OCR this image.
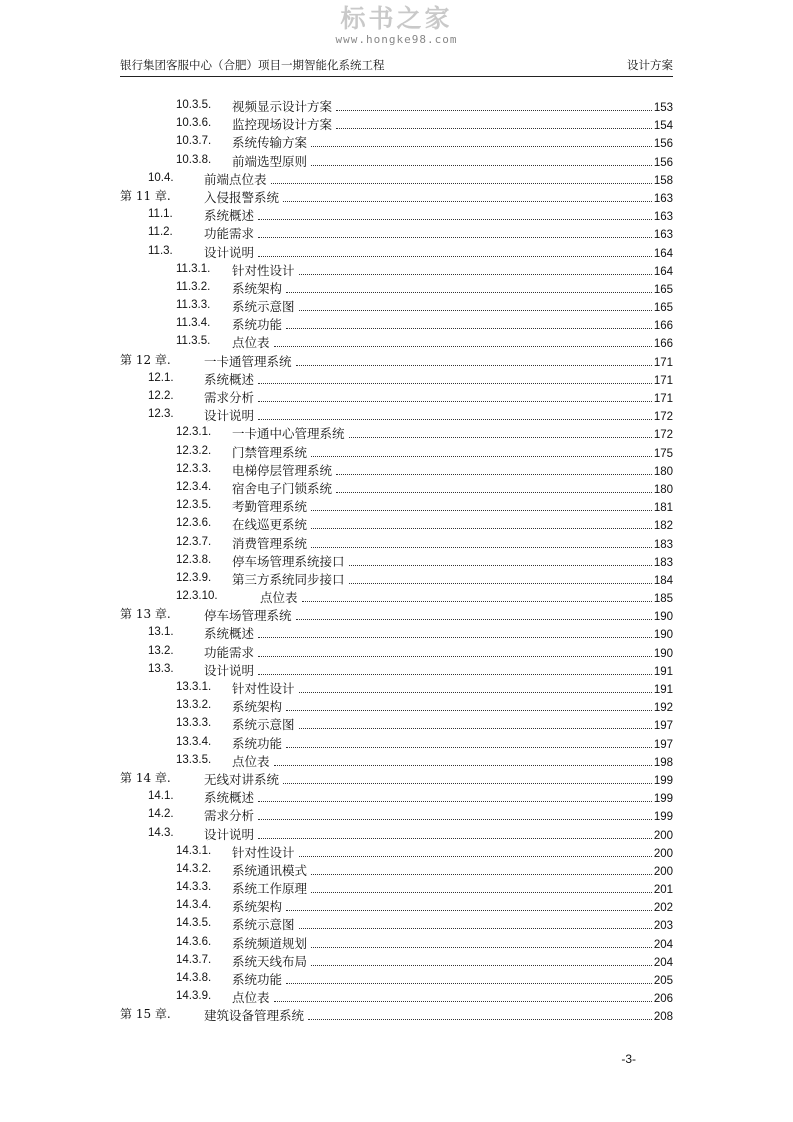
标书之家
www.hongke98.com
银行集团客服中心（合肥）项目一期智能化系统工程	设计方案
10.3.5. 视频显示设计方案	153
10.3.6. 监控现场设计方案	154
10.3.7. 系统传输方案	156
10.3.8. 前端选型原则	156
10.4. 前端点位表	158
第 11 章.	入侵报警系统	163
11.1.	系统概述	163
11.2.	功能需求	163
11.3.	设计说明	164
11.3.1. 针对性设计	164
11.3.2. 系统架构	165
11.3.3. 系统示意图	165
11.3.4. 系统功能	166
11.3.5. 点位表	166
第 12 章.	一卡通管理系统	171
12.1. 系统概述	171
12.2. 需求分析	171
12.3. 设计说明	172
12.3.1. 一卡通中心管理系统	172
12.3.2. 门禁管理系统	175
12.3.3. 电梯停层管理系统	180
12.3.4. 宿舍电子门锁系统	180
12.3.5. 考勤管理系统	181
12.3.6. 在线巡更系统	182
12.3.7. 消费管理系统	183
12.3.8. 停车场管理系统接口	183
12.3.9. 第三方系统同步接口	184
12.3.10.	点位表	185
第 13 章.	停车场管理系统	190
13.1. 系统概述	190
13.2. 功能需求	190
13.3. 设计说明	191
13.3.1. 针对性设计	191
13.3.2. 系统架构	192
13.3.3. 系统示意图	197
13.3.4. 系统功能	197
13.3.5. 点位表	198
第 14 章.	无线对讲系统	199
14.1. 系统概述	199
14.2. 需求分析	199
14.3. 设计说明	200
14.3.1. 针对性设计	200
14.3.2. 系统通讯模式	200
14.3.3. 系统工作原理	201
14.3.4. 系统架构	202
14.3.5. 系统示意图	203
14.3.6. 系统频道规划	204
14.3.7. 系统天线布局	204
14.3.8. 系统功能	205
14.3.9. 点位表	206
第 15 章.	建筑设备管理系统	208
-3-
